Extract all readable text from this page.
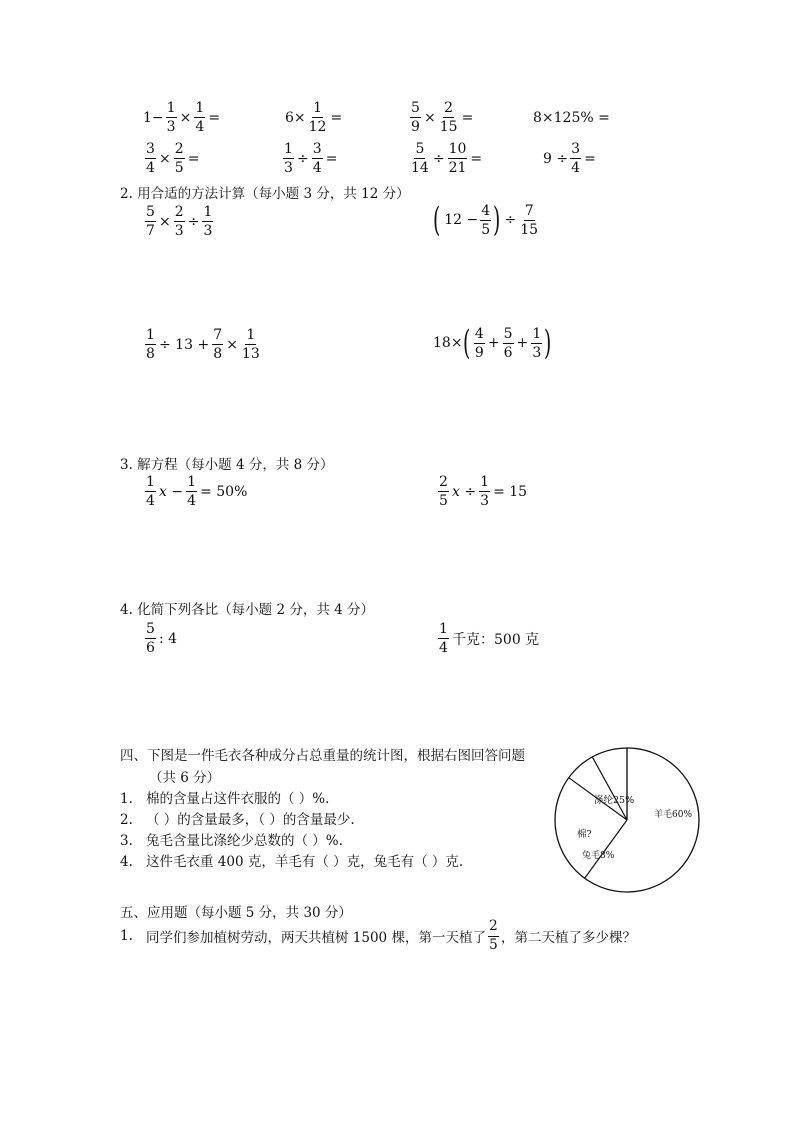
$1- \frac{1}{3} \times \frac{1}{4}$ =	$6\times \frac{1}{12}$ =	$\frac{5}{9} \times \frac{2}{15}$ =	8×125% =
$\frac{3}{4} \times \frac{2}{5}$ =	$\frac{1}{3} \div \frac{3}{4}$ =	$\frac{5}{14} \div \frac{10}{21}$ =	$9 \div \frac{3}{4}$ =
2. 用合适的方法计算（每小题 3 分，共 12 分）
$\frac{5}{7} \times \frac{2}{3} \div \frac{1}{3}$	( $12 - \frac{4}{5}$ ) ÷ $\frac{7}{15}$
$\frac{1}{8} \div 13 + \frac{7}{8} \times \frac{1}{13}$	18× ( $\frac{4}{9} + \frac{5}{6} + \frac{1}{3}$ )
3. 解方程（每小题 4 分，共 8 分）
$\frac{1}{4}$ $x - \frac{1}{4} = 50\%$	$\frac{2}{5}$ $x \div \frac{1}{3} = 15$
4. 化简下列各比（每小题 2 分，共 4 分）
$\frac{5}{6}$ : 4	$\frac{1}{4}$ 千克：500 克
四、下图是一件毛衣各种成分占总重量的统计图，根据右图回答问题
（共 6 分）
1. 棉的含量占这件衣服的（ ）%.
2. （ ）的含量最多，（ ）的含量最少.
3. 兔毛含量比涤纶少总数的（ ）%.
4. 这件毛衣重 400 克，羊毛有（ ）克，兔毛有（ ）克.
羊毛60%
涤纶25%
棉?
兔毛8%
五、应用题（每小题 5 分，共 30 分）
1. 同学们参加植树劳动，两天共植树 1500 棵，第一天植了 $\frac{2}{5}$ ，第二天植了多少棵？
